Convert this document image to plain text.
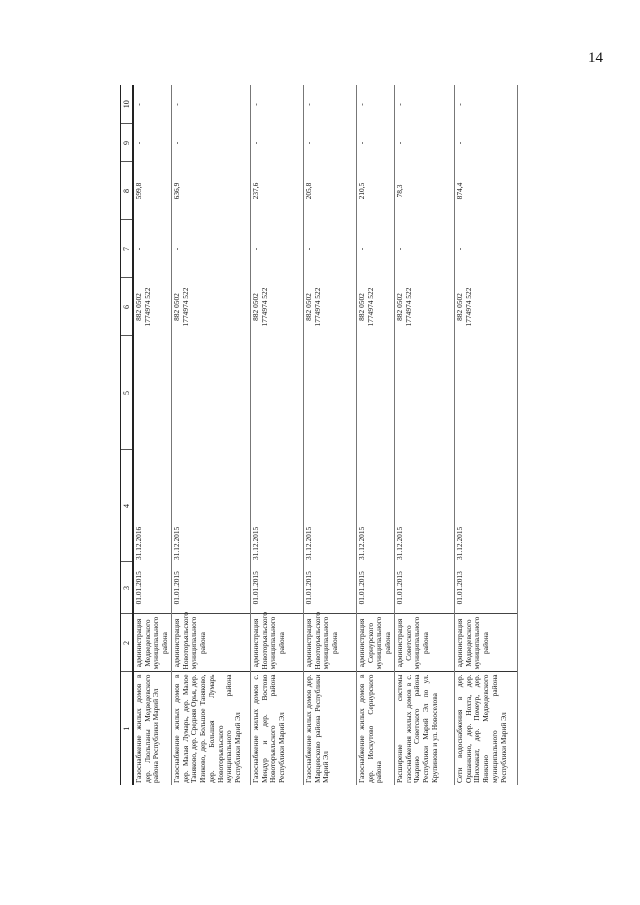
14
1	2	3	4	5	6	7	8	9	10
Газоснабжение жилых домов в дер. Люльпаны Медведевского района Республики Марий Эл	администрация Медведевского муниципального района	01.01.2015	31.12.2016		882 0502 1774974 522	-	599,8	-	-
Газоснабжение жилых домов в дер. Малая Лумарь, дер. Малое Таняково, дер. Средняя Орья, дер. Изиково, дер. Большое Таняково, дер. Большая Лумарь Новоторъяльского муниципального района Республики Марий Эл	администрация Новоторъяльского муниципального района	01.01.2015	31.12.2015		882 0502 1774974 522	-	636,9	-	-
Газоснабжение жилых домов с. Мендур и дер. Востово Новоторъяльского района Республики Марий Эл	администрация Новоторъяльского муниципального района	01.01.2015	31.12.2015		882 0502 1774974 522	-	237,6	-	-
Газоснабжение жилых домов дер. Марцевсково района Республики Марий Эл	администрация Новоторъяльского муниципального района	01.01.2015	31.12.2015		882 0502 1774974 522	-	205,8	-	-
Газоснабжение жилых домов в дер. Иоскутово Сернурского района	администрация Сернурского муниципального района	01.01.2015	31.12.2015		882 0502 1774974 522	-	210,5	-	-
Расширение системы газоснабжения жилых домов в с. Чкарино Советского района Республики Марий Эл по ул. Крупинова и ул. Новоселова	администрация Советского муниципального района	01.01.2015	31.12.2015		882 0502 1774974 522	-	78,3	-	-
Сети водоснабжения в дер. Оршанкино, дер. Нохта, дер. Шихмакат, дер. Помеур, дер. Яникино Медведевского муниципального района Республики Марий Эл	администрация Медведевского муниципального района	01.01.2013	31.12.2015		882 0502 1774974 522	-	874,4	-	-
